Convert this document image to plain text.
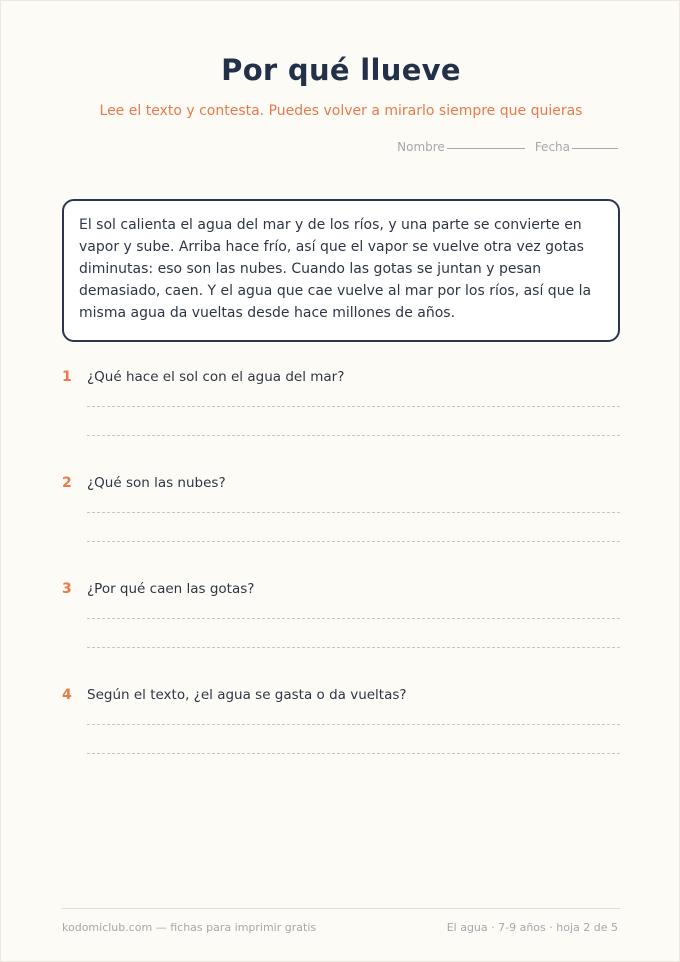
Por qué llueve
Lee el texto y contesta. Puedes volver a mirarlo siempre que quieras
Nombre	Fecha
El sol calienta el agua del mar y de los ríos, y una parte se convierte en vapor y sube. Arriba hace frío, así que el vapor se vuelve otra vez gotas diminutas: eso son las nubes. Cuando las gotas se juntan y pesan demasiado, caen. Y el agua que cae vuelve al mar por los ríos, así que la misma agua da vueltas desde hace millones de años.
1 ¿Qué hace el sol con el agua del mar?
2 ¿Qué son las nubes?
3 ¿Por qué caen las gotas?
4 Según el texto, ¿el agua se gasta o da vueltas?
kodomiclub.com — fichas para imprimir gratis	El agua · 7-9 años · hoja 2 de 5
